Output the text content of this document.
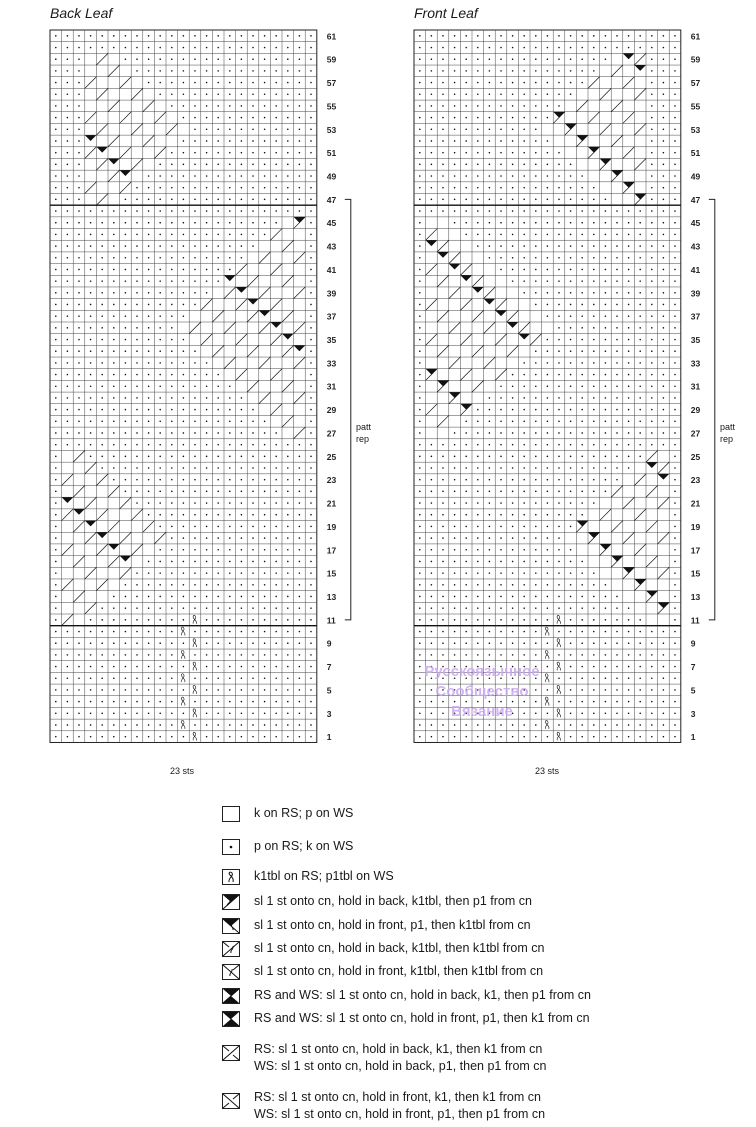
Back Leaf	Front Leaf
1
3
5
7
9
11
13
15
17
19
21
23
25
27
29
31
33
35
37
39
41
43
45
47
49
51
53
55
57
59
61
1
3
5
7
9
11
13
15
17
19
21
23
25
27
29
31
33
35
37
39
41
43
45
47
49
51
53
55
57
59
61
23 sts	23 sts
patt
rep
patt
rep
Русскоязычное
Сообщество
Вязание
k on RS; p on WS
p on RS; k on WS
k1tbl on RS; p1tbl on WS
sl 1 st onto cn, hold in back, k1tbl, then p1 from cn
sl 1 st onto cn, hold in front, p1, then k1tbl from cn
sl 1 st onto cn, hold in back, k1tbl, then k1tbl from cn
sl 1 st onto cn, hold in front, k1tbl, then k1tbl from cn
RS and WS: sl 1 st onto cn, hold in back, k1, then p1 from cn
RS and WS: sl 1 st onto cn, hold in front, p1, then k1 from cn
RS: sl 1 st onto cn, hold in back, k1, then k1 from cn
WS: sl 1 st onto cn, hold in back, p1, then p1 from cn
RS: sl 1 st onto cn, hold in front, k1, then k1 from cn
WS: sl 1 st onto cn, hold in front, p1, then p1 from cn
